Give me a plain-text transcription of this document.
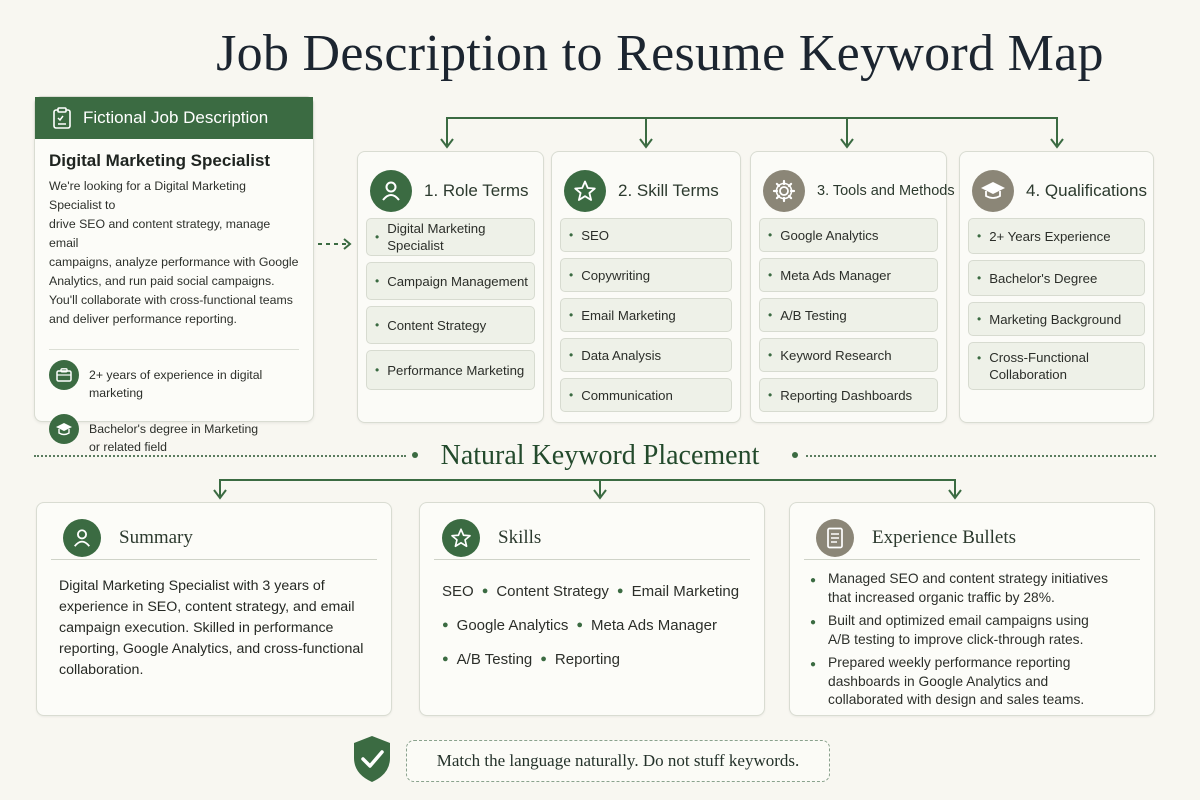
Job Description to Resume Keyword Map
Fictional Job Description
Digital Marketing Specialist
We're looking for a Digital Marketing Specialist to
drive SEO and content strategy, manage email
campaigns, analyze performance with Google
Analytics, and run paid social campaigns.
You'll collaborate with cross-functional teams
and deliver performance reporting.
2+ years of experience in digital marketing
Bachelor's degree in Marketing
or related field
1. Role Terms
•
Digital Marketing Specialist
• Campaign Management
• Content Strategy
• Performance Marketing
2. Skill Terms
• SEO
• Copywriting
• Email Marketing
• Data Analysis
• Communication
3. Tools and Methods
• Google Analytics
• Meta Ads Manager
• A/B Testing
• Keyword Research
• Reporting Dashboards
4. Qualifications
• 2+ Years Experience
• Bachelor's Degree
• Marketing Background
• Cross-Functional Collaboration
Natural Keyword Placement
Summary
Digital Marketing Specialist with 3 years of
experience in SEO, content strategy, and email
campaign execution. Skilled in performance
reporting, Google Analytics, and cross-functional
collaboration.
Skills
SEO ● Content Strategy ● Email Marketing
● Google Analytics ● Meta Ads Manager
● A/B Testing ● Reporting
Experience Bullets
● Managed SEO and content strategy initiatives
that increased organic traffic by 28%.
● Built and optimized email campaigns using
A/B testing to improve click-through rates.
● Prepared weekly performance reporting
dashboards in Google Analytics and
collaborated with design and sales teams.
Match the language naturally. Do not stuff keywords.
